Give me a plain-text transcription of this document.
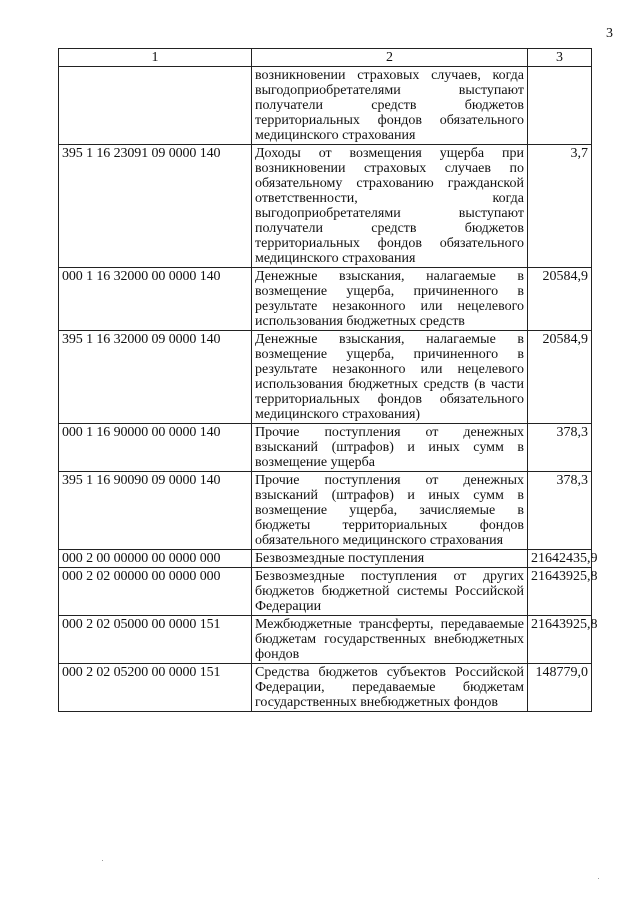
3
1	2	3
	возникновении страховых случаев, когда выгодоприобретателями выступают получатели средств бюджетов территориальных фондов обязательного медицинского страхования	
395 1 16 23091 09 0000 140	Доходы от возмещения ущерба при возникновении страховых случаев по обязательному страхованию гражданской ответственности, когда выгодоприобретателями выступают получатели средств бюджетов территориальных фондов обязательного медицинского страхования	3,7
000 1 16 32000 00 0000 140	Денежные взыскания, налагаемые в возмещение ущерба, причиненного в результате незаконного или нецелевого использования бюджетных средств	20584,9
395 1 16 32000 09 0000 140	Денежные взыскания, налагаемые в возмещение ущерба, причиненного в результате незаконного или нецелевого использования бюджетных средств (в части территориальных фондов обязательного медицинского страхования)	20584,9
000 1 16 90000 00 0000 140	Прочие поступления от денежных взысканий (штрафов) и иных сумм в возмещение ущерба	378,3
395 1 16 90090 09 0000 140	Прочие поступления от денежных взысканий (штрафов) и иных сумм в возмещение ущерба, зачисляемые в бюджеты территориальных фондов обязательного медицинского страхования	378,3
000 2 00 00000 00 0000 000	Безвозмездные поступления	21642435,9
000 2 02 00000 00 0000 000	Безвозмездные поступления от других бюджетов бюджетной системы Российской Федерации	21643925,8
000 2 02 05000 00 0000 151	Межбюджетные трансферты, передаваемые бюджетам государственных внебюджетных фондов	21643925,8
000 2 02 05200 00 0000 151	Средства бюджетов субъектов Российской Федерации, передаваемые бюджетам государственных внебюджетных фондов	148779,0
